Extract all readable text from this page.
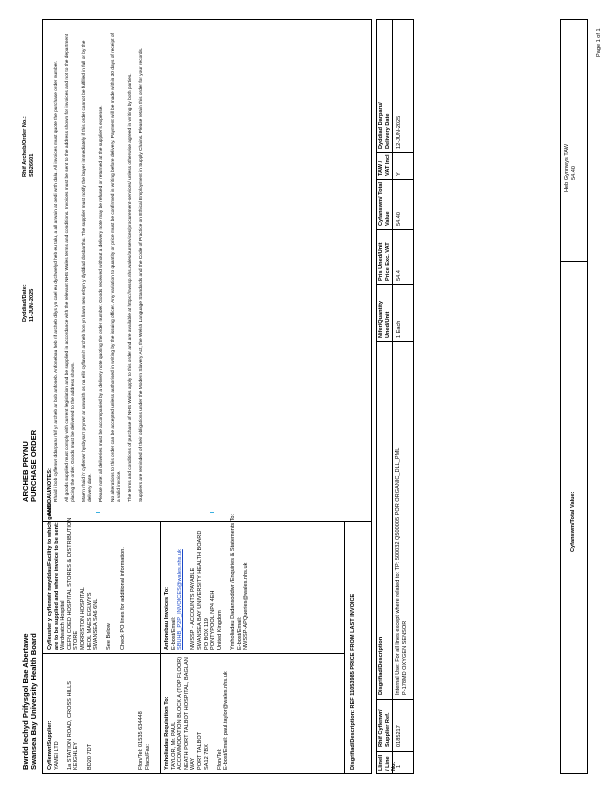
Bwrdd Iechyd Prifysgol Bae Abertawe Swansea Bay University Health Board
ARCHEB PRYNU PURCHASE ORDER
Dyddiad/Date: 11-JUN-2025
Rhif Archeb/Order No.: SB26601
Cyflenwr/Supplier: YAMEI LTD 1a STATION ROAD, CROSS HILLS KEIGHLEY BD20 7DT	Ffon/Tel: 01535 634448 Ffacs/Fax:
Cyfleuster y cyflenwir nwyddau/Facility to which goods are to be supplied and where invoice to be sent: Wardwatch Hospital CEFN COED HOSPITAL STORES & DISTRIBUTION STORE MORRISTON HOSPITAL HEOL MAES EGLWYS SWANSEA SA6 6NL See Below Check PO lines for additional information.
Ymholiadau Requisition To: TAYLOR, Mr. PAUL ACCOMMODATION BLOCK A (TOP FLOOR) NEATH PORT TALBOT HOSPITAL, BAGLAN WAY PORT TALBOT SA12 7BX Ffon/Tel: E-bost/Email: paul.taylor@wales.nhs.uk
Anfonebau Invoices To: E-bost/Email: SBUHB_P2P_INVOICES@wales.nhs.uk NWSSP - ACCOUNTS PAYABLE SWANSEA BAY UNIVERSITY HEALTH BOARD PO BOX 119 PONTYPOOL NP4 4EH United Kingdom Ymholiadau Dadansoddwr /Enquiries & Statements To: E-bost/Email: NWSSP-APQueries@wales.nhs.uk	Disgrifiad/Description: REF 11053985 PRICE FROM LAST INVOICE
AMODAU/NOTES: Rhaid i bob cyflenwr ddarparu rhif yr archeb ar bob anfoneb. Anfonebau heb rif archeb dilys yn cael eu dychwelyd heb eu talu, a all arwain at oedi wrth dalu. All invoices must quote the purchase order number. All goods supplied must comply with current legislation and be supplied in accordance with the relevant NHS Wales terms and conditions. Invoices must be sent to the address shown for invoices and not to the department placing the order. Goods must be delivered to the address shown. Mae'n rhaid i'r cyflenwr hysbysu'r prynwr ar unwaith os na ellir cyflawni'r archeb hon yn llawn neu erbyn y dyddiad dosbarthu. The supplier must notify the buyer immediately if this order cannot be fulfilled in full or by the delivery date. Please note: all deliveries must be accompanied by a delivery note quoting the order number. Goods received without a delivery note may be refused or returned at the supplier's expense. No alterations to this order can be accepted unless authorised in writing by the issuing officer. Any variation to quantity or price must be confirmed in writing before delivery. Payment will be made within 30 days of receipt of a valid invoice. The terms and conditions of purchase of NHS Wales apply to this order and are available at https://nwssp.nhs.wales/ourservices/procurement-services/ unless otherwise agreed in writing by both parties. Suppliers are reminded of their obligations under the Modern Slavery Act, the Welsh Language Standards and the Code of Practice on Ethical Employment in Supply Chains. Please retain this order for your records.
Llinell / Line No.
Rhif Cyflenwr/ Supplier Ref.
Disgrifiad/Description
Nifer/Quantity Uned/Unit
Pris Uned/Unit Price Exc. VAT
Cyfanswm/ Total Value
TAW / VAT Incl
Dyddiad Darparu/ Delivery Date
1
0185217
Internal Use: For all lines except where related to: TP: 500032 Q500005 POR ORGANIC_DLL_PML P-178MD OXYGEN SENSOR
1 Each
54.4
54.40
Y
12-JUN-2025
Cyfanswm/Total Value:
Heb Gynnwys TAW 54.40
Page 1 of 1
